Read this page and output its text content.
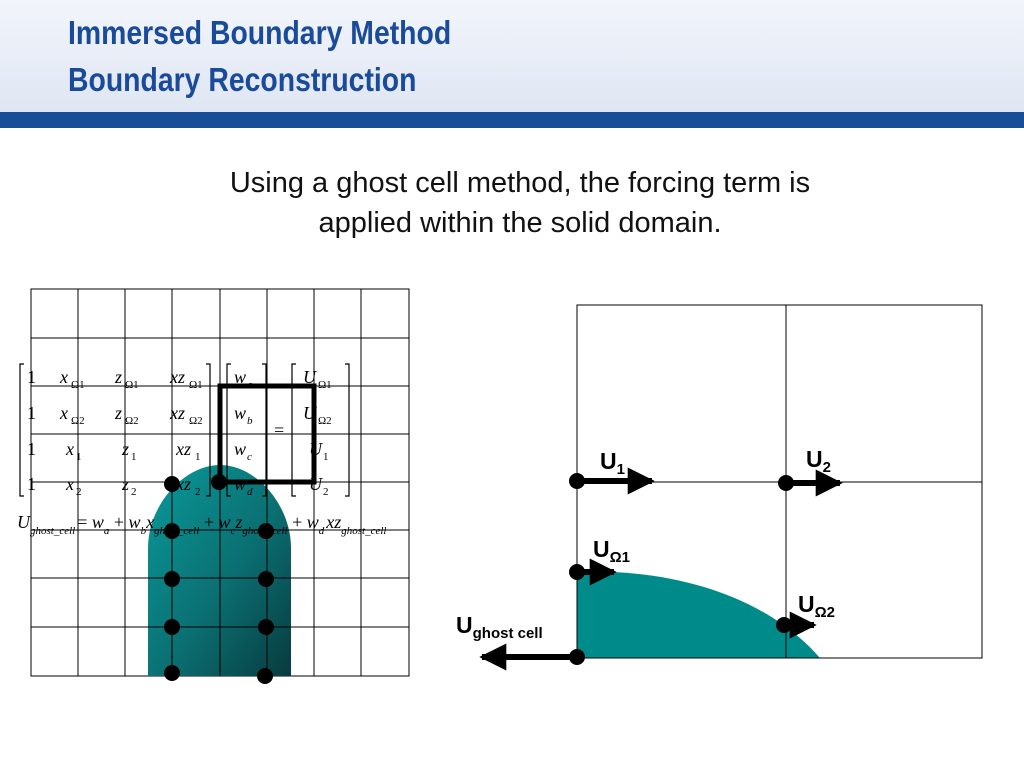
Immersed Boundary Method
Boundary Reconstruction
Using a ghost cell method, the forcing term is
applied within the solid domain.
1 x Ω1 z Ω1 xz Ω1
1 x Ω2 z Ω2 xz Ω2
1 x 1 z 1 xz 1
1 x 2 z 2 xz 2
w a
w b
w c
w d
=
U Ω1
U Ω2
U 1
U 2
$U_{ghost\_cell} = w_a + w_bx_{ghost\_cell} + w_cz_{ghost\_cell} + w_d$ $xz_{ghost\_cell}$
$U_1$	$U_2$
$U_{\Omega 1}$
$U_{\Omega 2}$
$U_{ghost cell}$
